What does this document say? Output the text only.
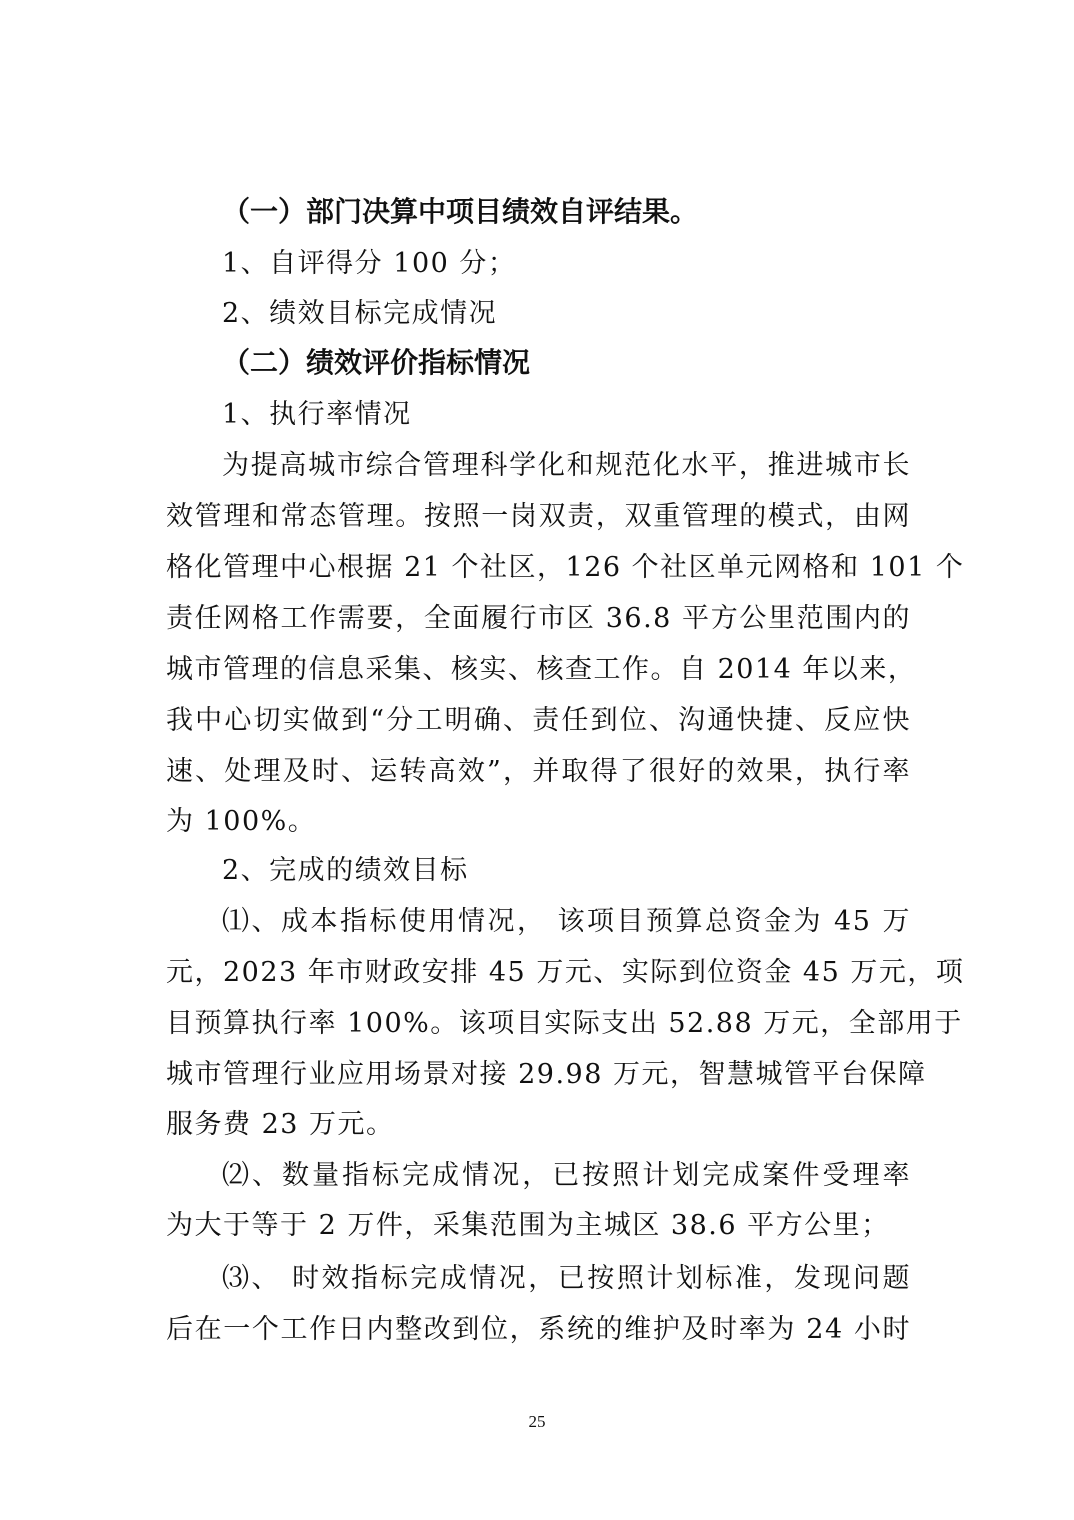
（一）部门决算中项目绩效自评结果。
1、自评得分 100 分；
2、绩效目标完成情况
（二）绩效评价指标情况
1、执行率情况
为提高城市综合管理科学化和规范化水平，推进城市长
效管理和常态管理。按照一岗双责，双重管理的模式，由网
格化管理中心根据 21 个社区，126 个社区单元网格和 101 个
责任网格工作需要，全面履行市区 36.8 平方公里范围内的
城市管理的信息采集、核实、核查工作。自 2014 年以来，
我中心切实做到“分工明确、责任到位、沟通快捷、反应快
速、处理及时、运转高效”，并取得了很好的效果，执行率
为 100%。
2、完成的绩效目标
⑴、成本指标使用情况， 该项目预算总资金为 45 万
元，2023 年市财政安排 45 万元、实际到位资金 45 万元，项
目预算执行率 100%。该项目实际支出 52.88 万元，全部用于
城市管理行业应用场景对接 29.98 万元，智慧城管平台保障
服务费 23 万元。
⑵、数量指标完成情况，已按照计划完成案件受理率
为大于等于 2 万件，采集范围为主城区 38.6 平方公里；
⑶、 时效指标完成情况，已按照计划标准，发现问题
后在一个工作日内整改到位，系统的维护及时率为 24 小时
25
